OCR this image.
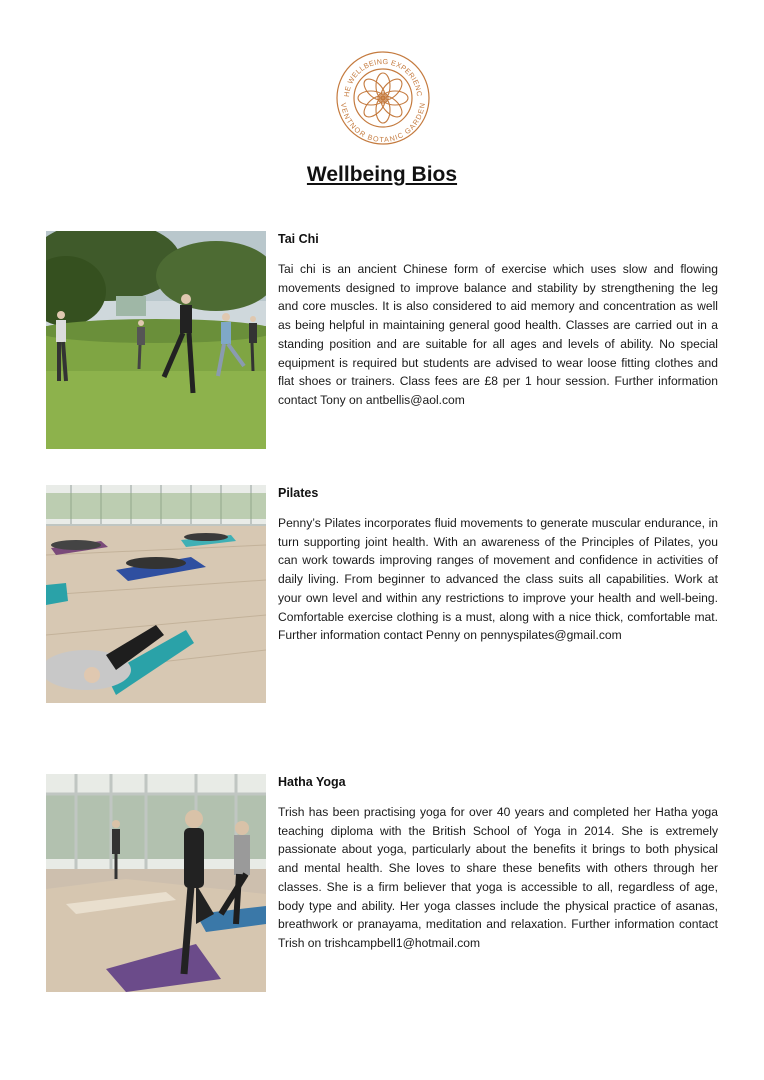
HE WELLBEING EXPERIENC
VENTNOR BOTANIC GARDEN
Wellbeing Bios
Tai Chi

Tai chi is an ancient Chinese form of exercise which uses slow and flowing movements designed to improve balance and stability by strengthening the leg and core muscles. It is also considered to aid memory and concentration as well as being helpful in maintaining general good health. Classes are carried out in a standing position and are suitable for all ages and levels of ability. No special equipment is required but students are advised to wear loose fitting clothes and flat shoes or trainers. Class fees are £8 per 1 hour session. Further information contact Tony on antbellis@aol.com

Pilates

Penny’s Pilates incorporates fluid movements to generate muscular endurance, in turn supporting joint health. With an awareness of the Principles of Pilates, you can work towards improving ranges of movement and confidence in activities of daily living. From beginner to advanced the class suits all capabilities. Work at your own level and within any restrictions to improve your health and well-being. Comfortable exercise clothing is a must, along with a nice thick, comfortable mat. Further information contact Penny on pennyspilates@gmail.com

Hatha Yoga

Trish has been practising yoga for over 40 years and completed her Hatha yoga teaching diploma with the British School of Yoga in 2014. She is extremely passionate about yoga, particularly about the benefits it brings to both physical and mental health. She loves to share these benefits with others through her classes. She is a firm believer that yoga is accessible to all, regardless of age, body type and ability. Her yoga classes include the physical practice of asanas, breathwork or pranayama, meditation and relaxation. Further information contact Trish on trishcampbell1@hotmail.com
